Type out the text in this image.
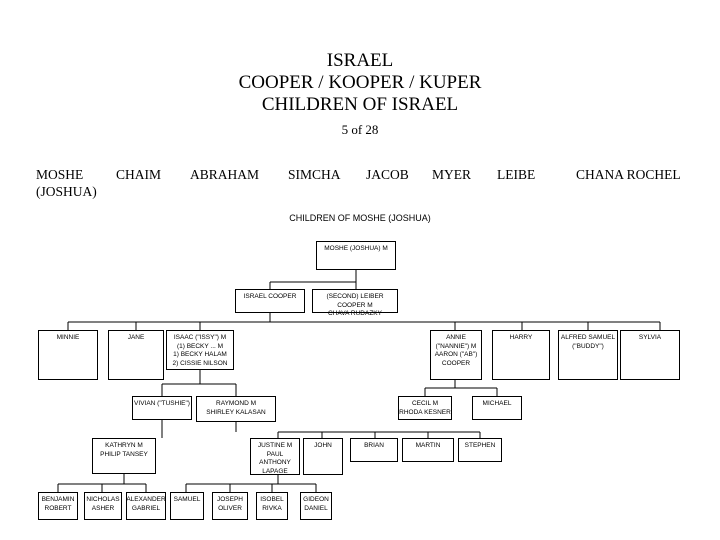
ISRAEL
COOPER / KOOPER / KUPER
CHILDREN OF ISRAEL
5 of 28
MOSHE
(JOSHUA)
CHAIM ABRAHAM SIMCHA JACOB MYER LEIBE	CHANA ROCHEL
CHILDREN OF MOSHE (JOSHUA)
MOSHE (JOSHUA) M
ISRAEL COOPER	(SECOND) LEIBER COOPER M
CHAVA RUDAZKY
MINNIE	JANE	ISAAC ("ISSY") M
(1) BECKY ... M
1) BECKY HALAM
2) CISSIE NILSON
ANNIE ("NANNIE") M
AARON ("AB")
COOPER
HARRY	ALFRED SAMUEL
("BUDDY")
SYLVIA
VIVIAN ("TUSHIE")	RAYMOND M
SHIRLEY KALASAN
CECIL M
RHODA KESNER
MICHAEL
KATHRYN M
PHILIP TANSEY
JUSTINE M
PAUL ANTHONY
LAPAGE
JOHN	BRIAN	MARTIN	STEPHEN
BENJAMIN
ROBERT
NICHOLAS
ASHER
ALEXANDER
GABRIEL
SAMUEL	JOSEPH
OLIVER
ISOBEL
RIVKA
GIDEON
DANIEL
